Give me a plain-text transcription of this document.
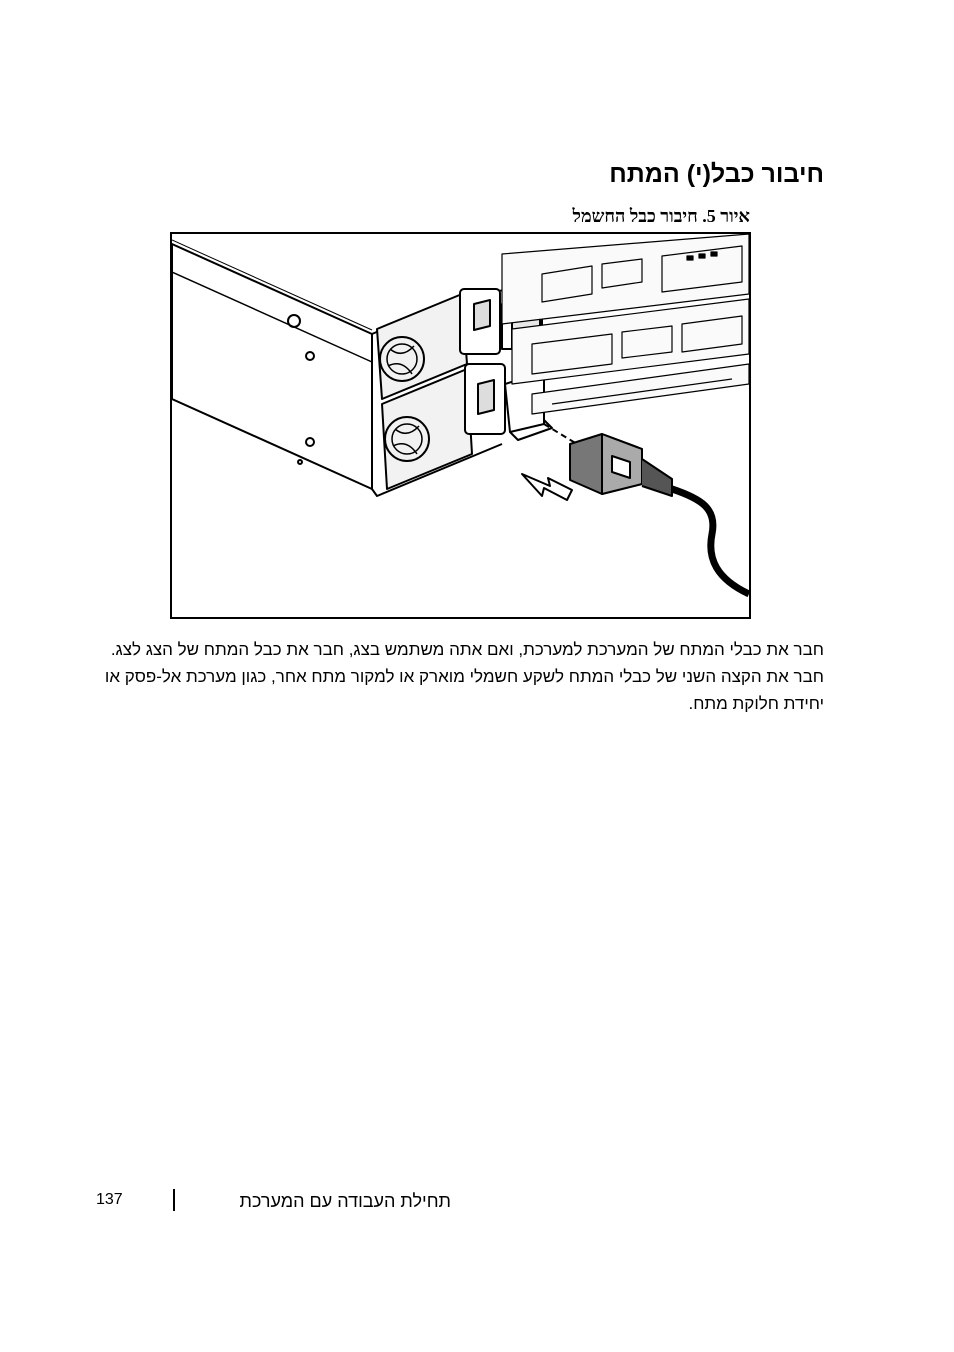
חיבור כבל(י) המתח

איור 5. חיבור כבל החשמל

חבר את כבלי המתח של המערכת למערכת, ואם אתה משתמש בצג, חבר את כבל המתח של הצג לצג. חבר את הקצה השני של כבלי המתח לשקע חשמלי מוארק או למקור מתח אחר, כגון מערכת אל-פסק או יחידת חלוקת מתח.

137	תחילת העבודה עם המערכת
